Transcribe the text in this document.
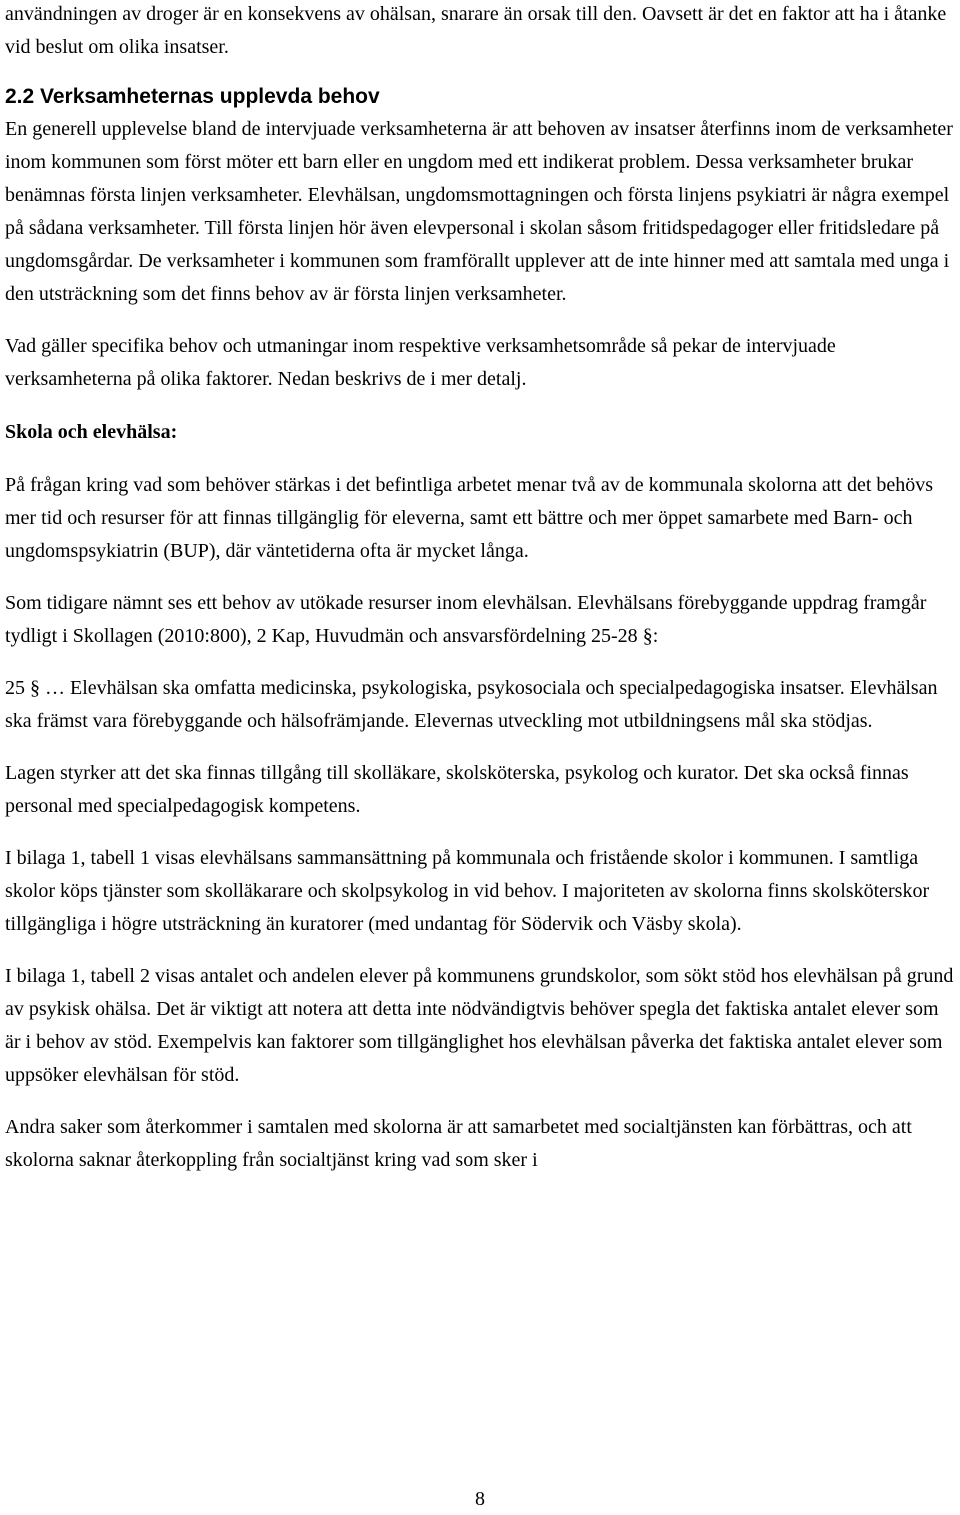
användningen av droger är en konsekvens av ohälsan, snarare än orsak till den. Oavsett är det en faktor att ha i åtanke vid beslut om olika insatser.

2.2 Verksamheternas upplevda behov

En generell upplevelse bland de intervjuade verksamheterna är att behoven av insatser återfinns inom de verksamheter inom kommunen som först möter ett barn eller en ungdom med ett indikerat problem. Dessa verksamheter brukar benämnas första linjen verksamheter. Elevhälsan, ungdomsmottagningen och första linjens psykiatri är några exempel på sådana verksamheter. Till första linjen hör även elevpersonal i skolan såsom fritidspedagoger eller fritidsledare på ungdomsgårdar. De verksamheter i kommunen som framförallt upplever att de inte hinner med att samtala med unga i den utsträckning som det finns behov av är första linjen verksamheter.

Vad gäller specifika behov och utmaningar inom respektive verksamhetsområde så pekar de intervjuade verksamheterna på olika faktorer. Nedan beskrivs de i mer detalj.

Skola och elevhälsa:

På frågan kring vad som behöver stärkas i det befintliga arbetet menar två av de kommunala skolorna att det behövs mer tid och resurser för att finnas tillgänglig för eleverna, samt ett bättre och mer öppet samarbete med Barn- och ungdomspsykiatrin (BUP), där väntetiderna ofta är mycket långa.

Som tidigare nämnt ses ett behov av utökade resurser inom elevhälsan. Elevhälsans förebyggande uppdrag framgår tydligt i Skollagen (2010:800), 2 Kap, Huvudmän och ansvarsfördelning 25-28 §:

25 § … Elevhälsan ska omfatta medicinska, psykologiska, psykosociala och specialpedagogiska insatser. Elevhälsan ska främst vara förebyggande och hälsofrämjande. Elevernas utveckling mot utbildningsens mål ska stödjas.

Lagen styrker att det ska finnas tillgång till skolläkare, skolsköterska, psykolog och kurator. Det ska också finnas personal med specialpedagogisk kompetens.

I bilaga 1, tabell 1 visas elevhälsans sammansättning på kommunala och fristående skolor i kommunen. I samtliga skolor köps tjänster som skolläkarare och skolpsykolog in vid behov. I majoriteten av skolorna finns skolsköterskor tillgängliga i högre utsträckning än kuratorer (med undantag för Södervik och Väsby skola).

I bilaga 1, tabell 2 visas antalet och andelen elever på kommunens grundskolor, som sökt stöd hos elevhälsan på grund av psykisk ohälsa. Det är viktigt att notera att detta inte nödvändigtvis behöver spegla det faktiska antalet elever som är i behov av stöd. Exempelvis kan faktorer som tillgänglighet hos elevhälsan påverka det faktiska antalet elever som uppsöker elevhälsan för stöd.

Andra saker som återkommer i samtalen med skolorna är att samarbetet med socialtjänsten kan förbättras, och att skolorna saknar återkoppling från socialtjänst kring vad som sker i

8
